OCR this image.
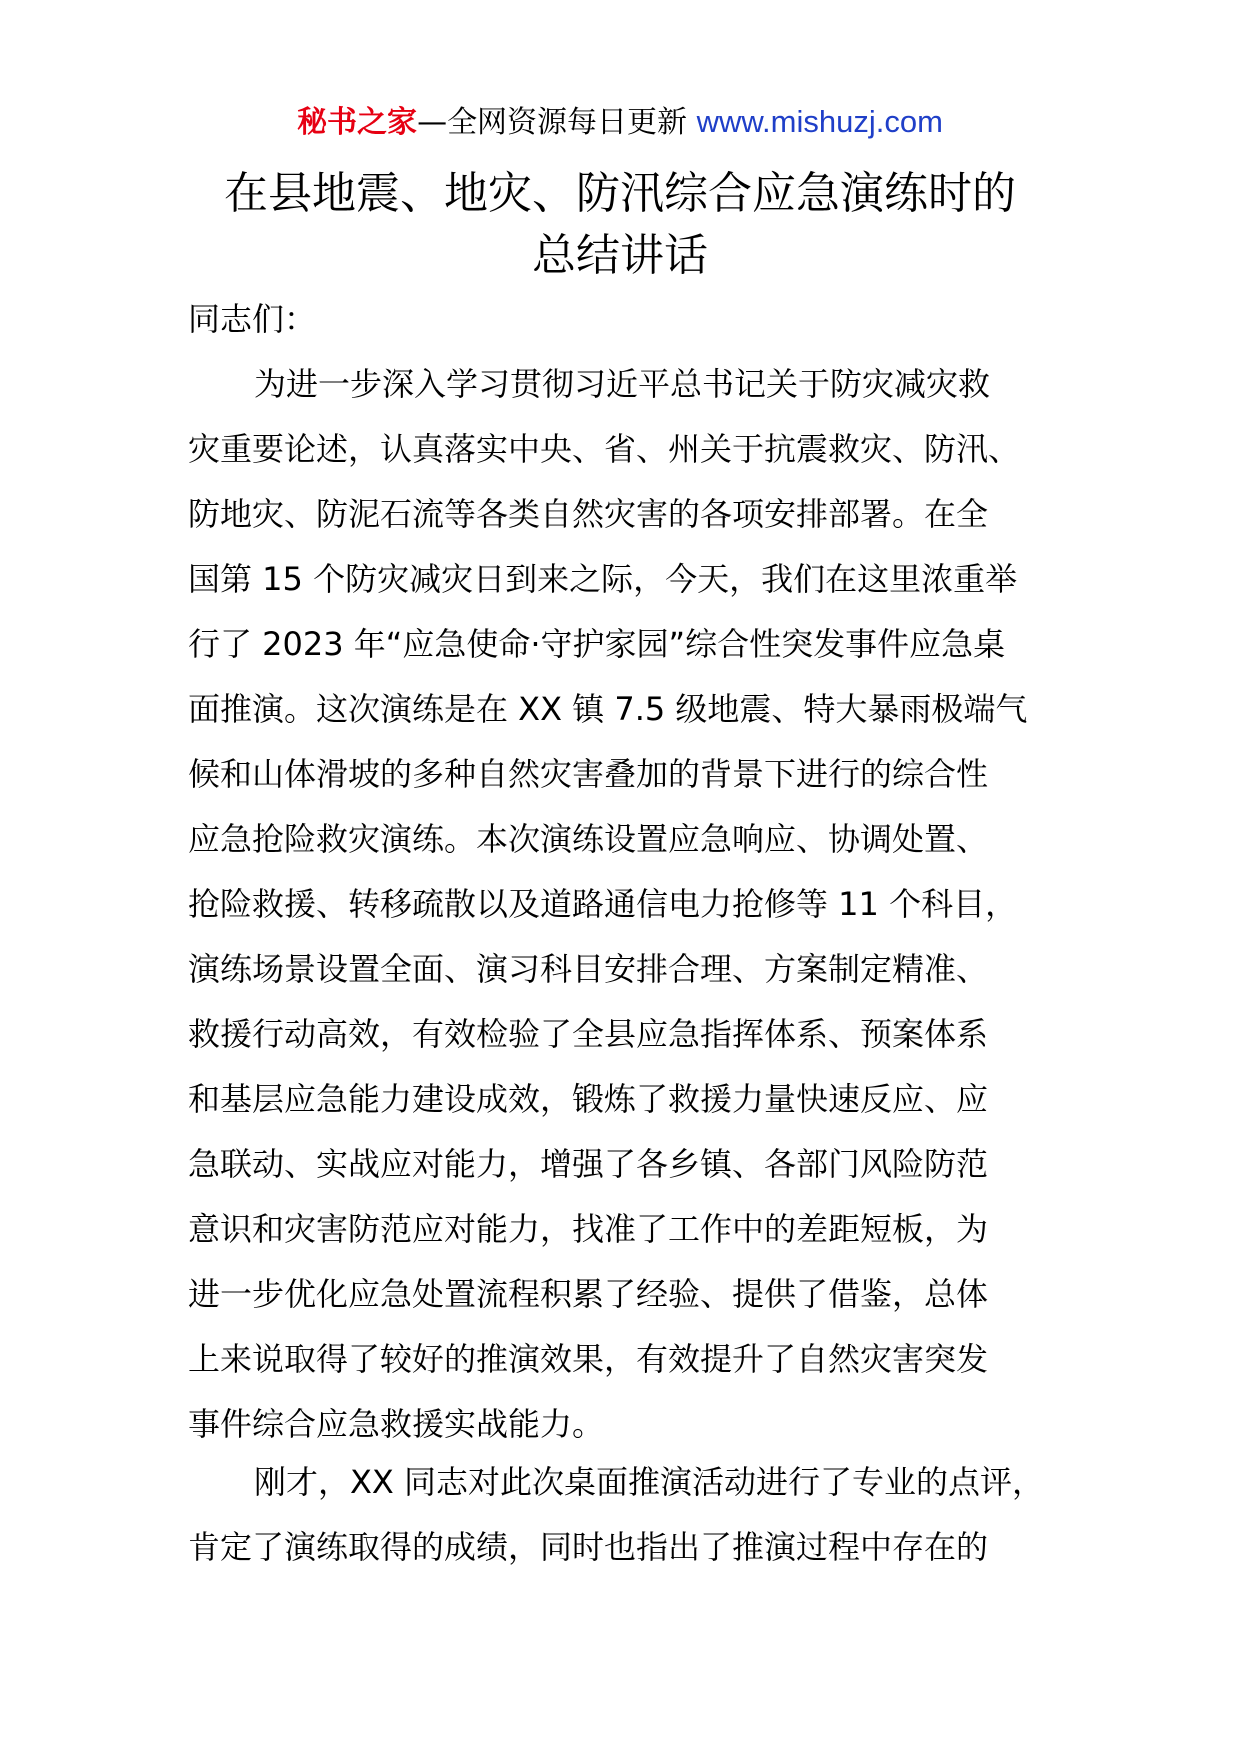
秘书之家—全网资源每日更新 www.mishuzj.com
在县地震、地灾、防汛综合应急演练时的
总结讲话

同志们：

为进一步深入学习贯彻习近平总书记关于防灾减灾救
灾重要论述，认真落实中央、省、州关于抗震救灾、防汛、
防地灾、防泥石流等各类自然灾害的各项安排部署。在全
国第 15 个防灾减灾日到来之际，今天，我们在这里浓重举
行了 2023 年“应急使命·守护家园”综合性突发事件应急桌
面推演。这次演练是在 XX 镇 7.5 级地震、特大暴雨极端气
候和山体滑坡的多种自然灾害叠加的背景下进行的综合性
应急抢险救灾演练。本次演练设置应急响应、协调处置、
抢险救援、转移疏散以及道路通信电力抢修等 11 个科目，
演练场景设置全面、演习科目安排合理、方案制定精准、
救援行动高效，有效检验了全县应急指挥体系、预案体系
和基层应急能力建设成效，锻炼了救援力量快速反应、应
急联动、实战应对能力，增强了各乡镇、各部门风险防范
意识和灾害防范应对能力，找准了工作中的差距短板，为
进一步优化应急处置流程积累了经验、提供了借鉴，总体
上来说取得了较好的推演效果，有效提升了自然灾害突发
事件综合应急救援实战能力。

刚才，XX 同志对此次桌面推演活动进行了专业的点评，
肯定了演练取得的成绩，同时也指出了推演过程中存在的
